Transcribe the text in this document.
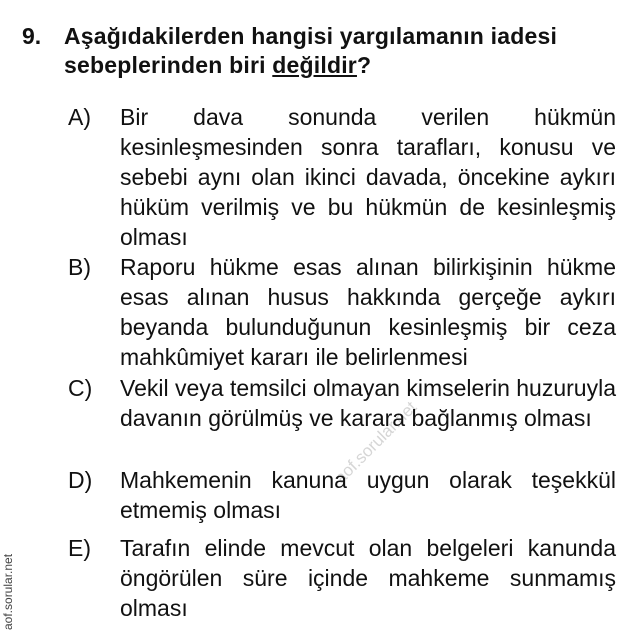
aof.sorular.net
9. Aşağıdakilerden hangisi yargılamanın iadesi sebeplerinden biri değildir?
A) Bir dava sonunda verilen hükmün kesinleşmesinden sonra tarafları, konusu ve sebebi aynı olan ikinci davada, öncekine aykırı hüküm verilmiş ve bu hükmün de kesinleşmiş olması
B) Raporu hükme esas alınan bilirkişinin hükme esas alınan husus hakkında gerçeğe aykırı beyanda bulunduğunun kesinleşmiş bir ceza mahkûmiyet kararı ile belirlenmesi
C) Vekil veya temsilci olmayan kimselerin huzuruyla davanın görülmüş ve karara bağlanmış olması
D) Mahkemenin kanuna uygun olarak teşekkül etmemiş olması
E) Tarafın elinde mevcut olan belgeleri kanunda öngörülen süre içinde mahkeme sunmamış olması
aof.sorular.net
